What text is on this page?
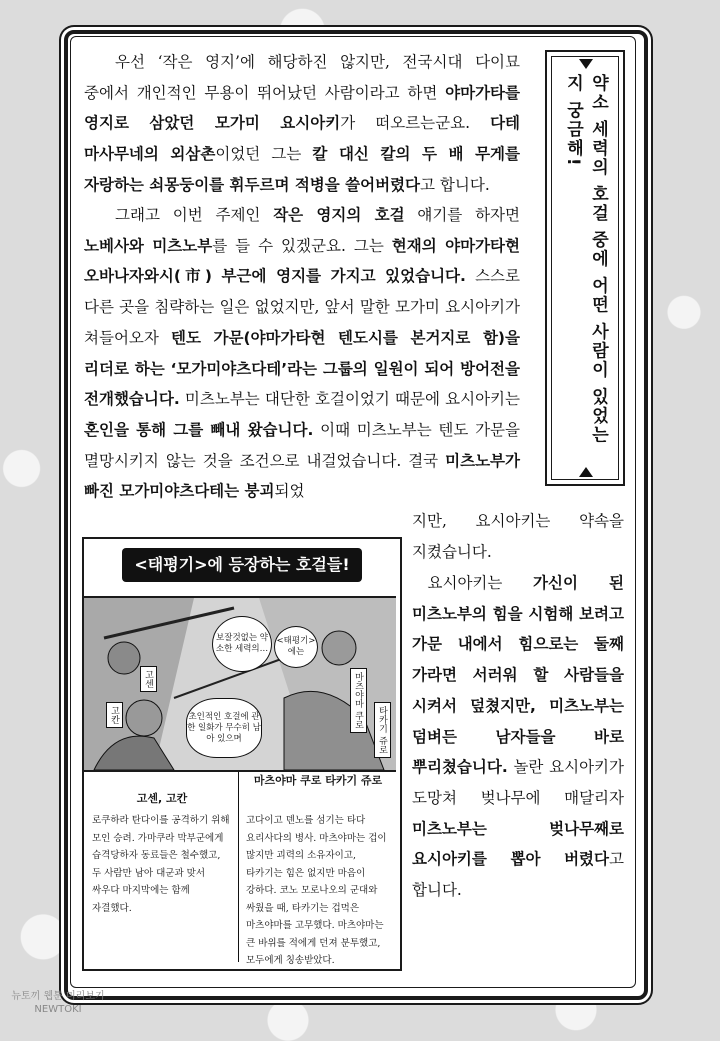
우선 ‘작은 영지’에 해당하진 않지만, 전국시대 다이묘 중에서 개인적인 무용이 뛰어났던 사람이라고 하면 야마가타를 영지로 삼았던 모가미 요시아키가 떠오르는군요. 다테 마사무네의 외삼촌이었던 그는 칼 대신 칼의 두 배 무게를 자랑하는 쇠몽둥이를 휘두르며 적병을 쓸어버렸다고 합니다.

그래고 이번 주제인 작은 영지의 호걸 얘기를 하자면 노베사와 미츠노부를 들 수 있겠군요. 그는 현재의 야마가타현 오바나자와시(市) 부근에 영지를 가지고 있었습니다. 스스로 다른 곳을 침략하는 일은 없었지만, 앞서 말한 모가미 요시아키가 쳐들어오자 텐도 가문(야마가타현 텐도시를 본거지로 함)을 리더로 하는 ‘모가미야츠다테’라는 그룹의 일원이 되어 방어전을 전개했습니다. 미츠노부는 대단한 호걸이었기 때문에 요시아키는 혼인을 통해 그를 빼내 왔습니다. 이때 미츠노부는 텐도 가문을 멸망시키지 않는 것을 조건으로 내걸었습니다. 결국 미츠노부가 빠진 모가미야츠다테는 붕괴되었

지만, 요시아키는 약속을 지켰습니다.

요시아키는 가신이 된 미츠노부의 힘을 시험해 보려고 가문 내에서 힘으로는 둘째 가라면 서러워 할 사람들을 시켜서 덮쳤지만, 미츠노부는 덤벼든 남자들을 바로 뿌리쳤습니다. 놀란 요시아키가 도망쳐 벚나무에 매달리자 미츠노부는 벚나무째로 요시아키를 뽑아 버렸다고 합니다.

약소 세력의 호걸 중에 어떤 사람이 있었는지 궁금해!
<태평기>에 등장하는 호걸들!
보잘것없는 약소한 세력의…
<태평기> 에는
초인적인 호걸에 관한 일화가 무수히 남아 있으며
고센
고칸	마츠야마 쿠로
타카기 쥬로
고센, 고칸

로쿠하라 탄다이를 공격하기 위해 모인 승려. 가마쿠라 막부군에게 습격당하자 동료들은 철수했고, 두 사람만 남아 대군과 맞서 싸우다 마지막에는 함께 자결했다.

마츠야마 쿠로 타카기 쥬로

고다이고 덴노를 섬기는 타다 요리사다의 병사. 마츠야마는 겁이 많지만 괴력의 소유자이고, 타카기는 힘은 없지만 마음이 강하다. 코노 모로나오의 군대와 싸웠을 때, 타카기는 겁먹은 마츠야마를 고무했다. 마츠야마는 큰 바위를 적에게 던져 분투했고, 모두에게 칭송받았다.

뉴토끼 웹툰 미리보기 NEWTOKI
